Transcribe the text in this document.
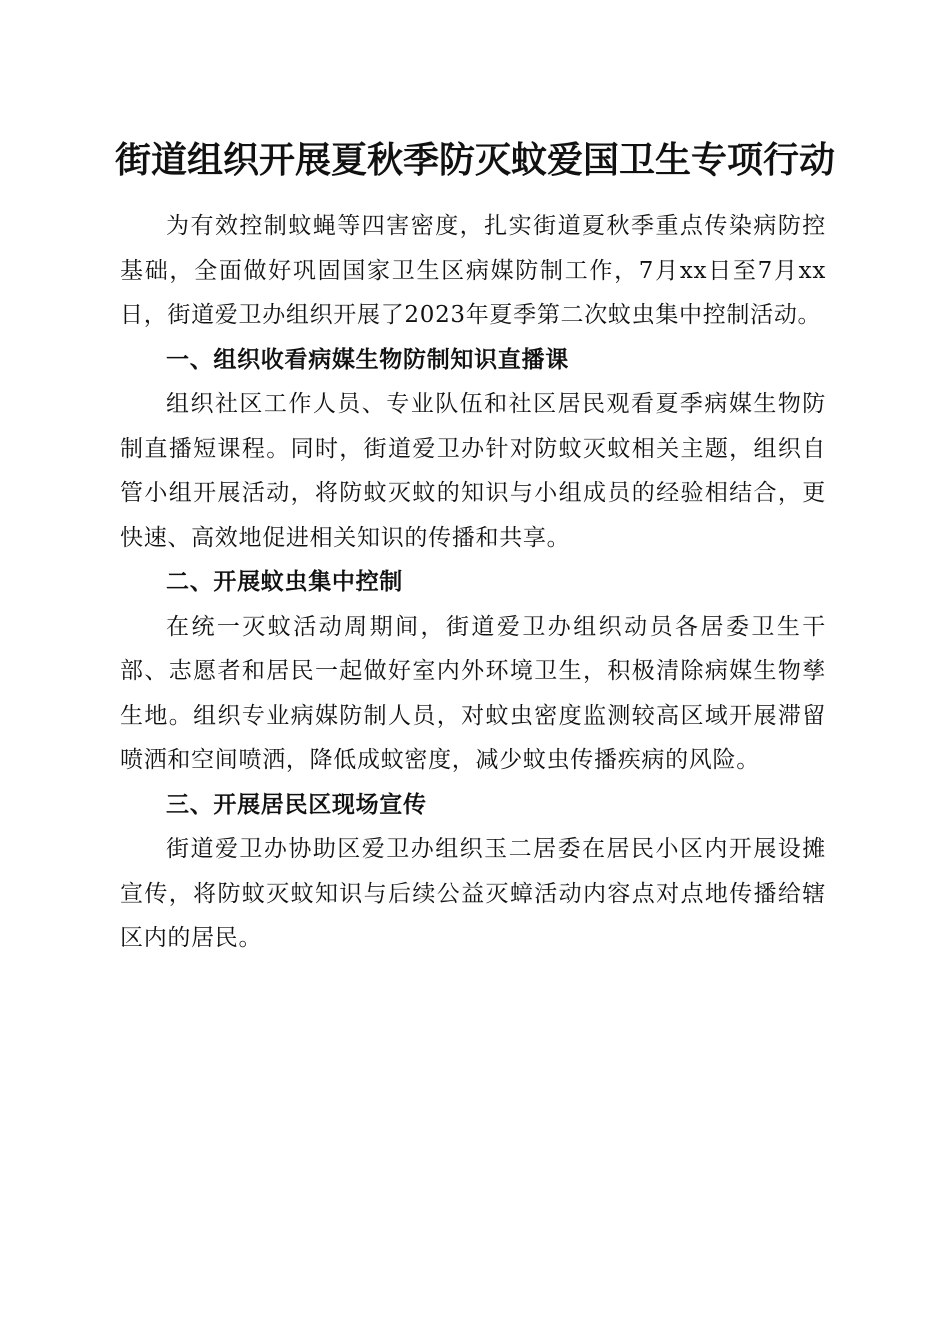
街道组织开展夏秋季防灭蚊爱国卫生专项行动

为有效控制蚊蝇等四害密度，扎实街道夏秋季重点传染病防控基础，全面做好巩固国家卫生区病媒防制工作，7月xx日至7月xx日，街道爱卫办组织开展了2023年夏季第二次蚊虫集中控制活动。

一、组织收看病媒生物防制知识直播课

组织社区工作人员、专业队伍和社区居民观看夏季病媒生物防制直播短课程。同时，街道爱卫办针对防蚊灭蚊相关主题，组织自管小组开展活动，将防蚊灭蚊的知识与小组成员的经验相结合，更快速、高效地促进相关知识的传播和共享。

二、开展蚊虫集中控制

在统一灭蚊活动周期间，街道爱卫办组织动员各居委卫生干部、志愿者和居民一起做好室内外环境卫生，积极清除病媒生物孳生地。组织专业病媒防制人员，对蚊虫密度监测较高区域开展滞留喷洒和空间喷洒，降低成蚊密度，减少蚊虫传播疾病的风险。

三、开展居民区现场宣传

街道爱卫办协助区爱卫办组织玉二居委在居民小区内开展设摊宣传，将防蚊灭蚊知识与后续公益灭蟑活动内容点对点地传播给辖区内的居民。
